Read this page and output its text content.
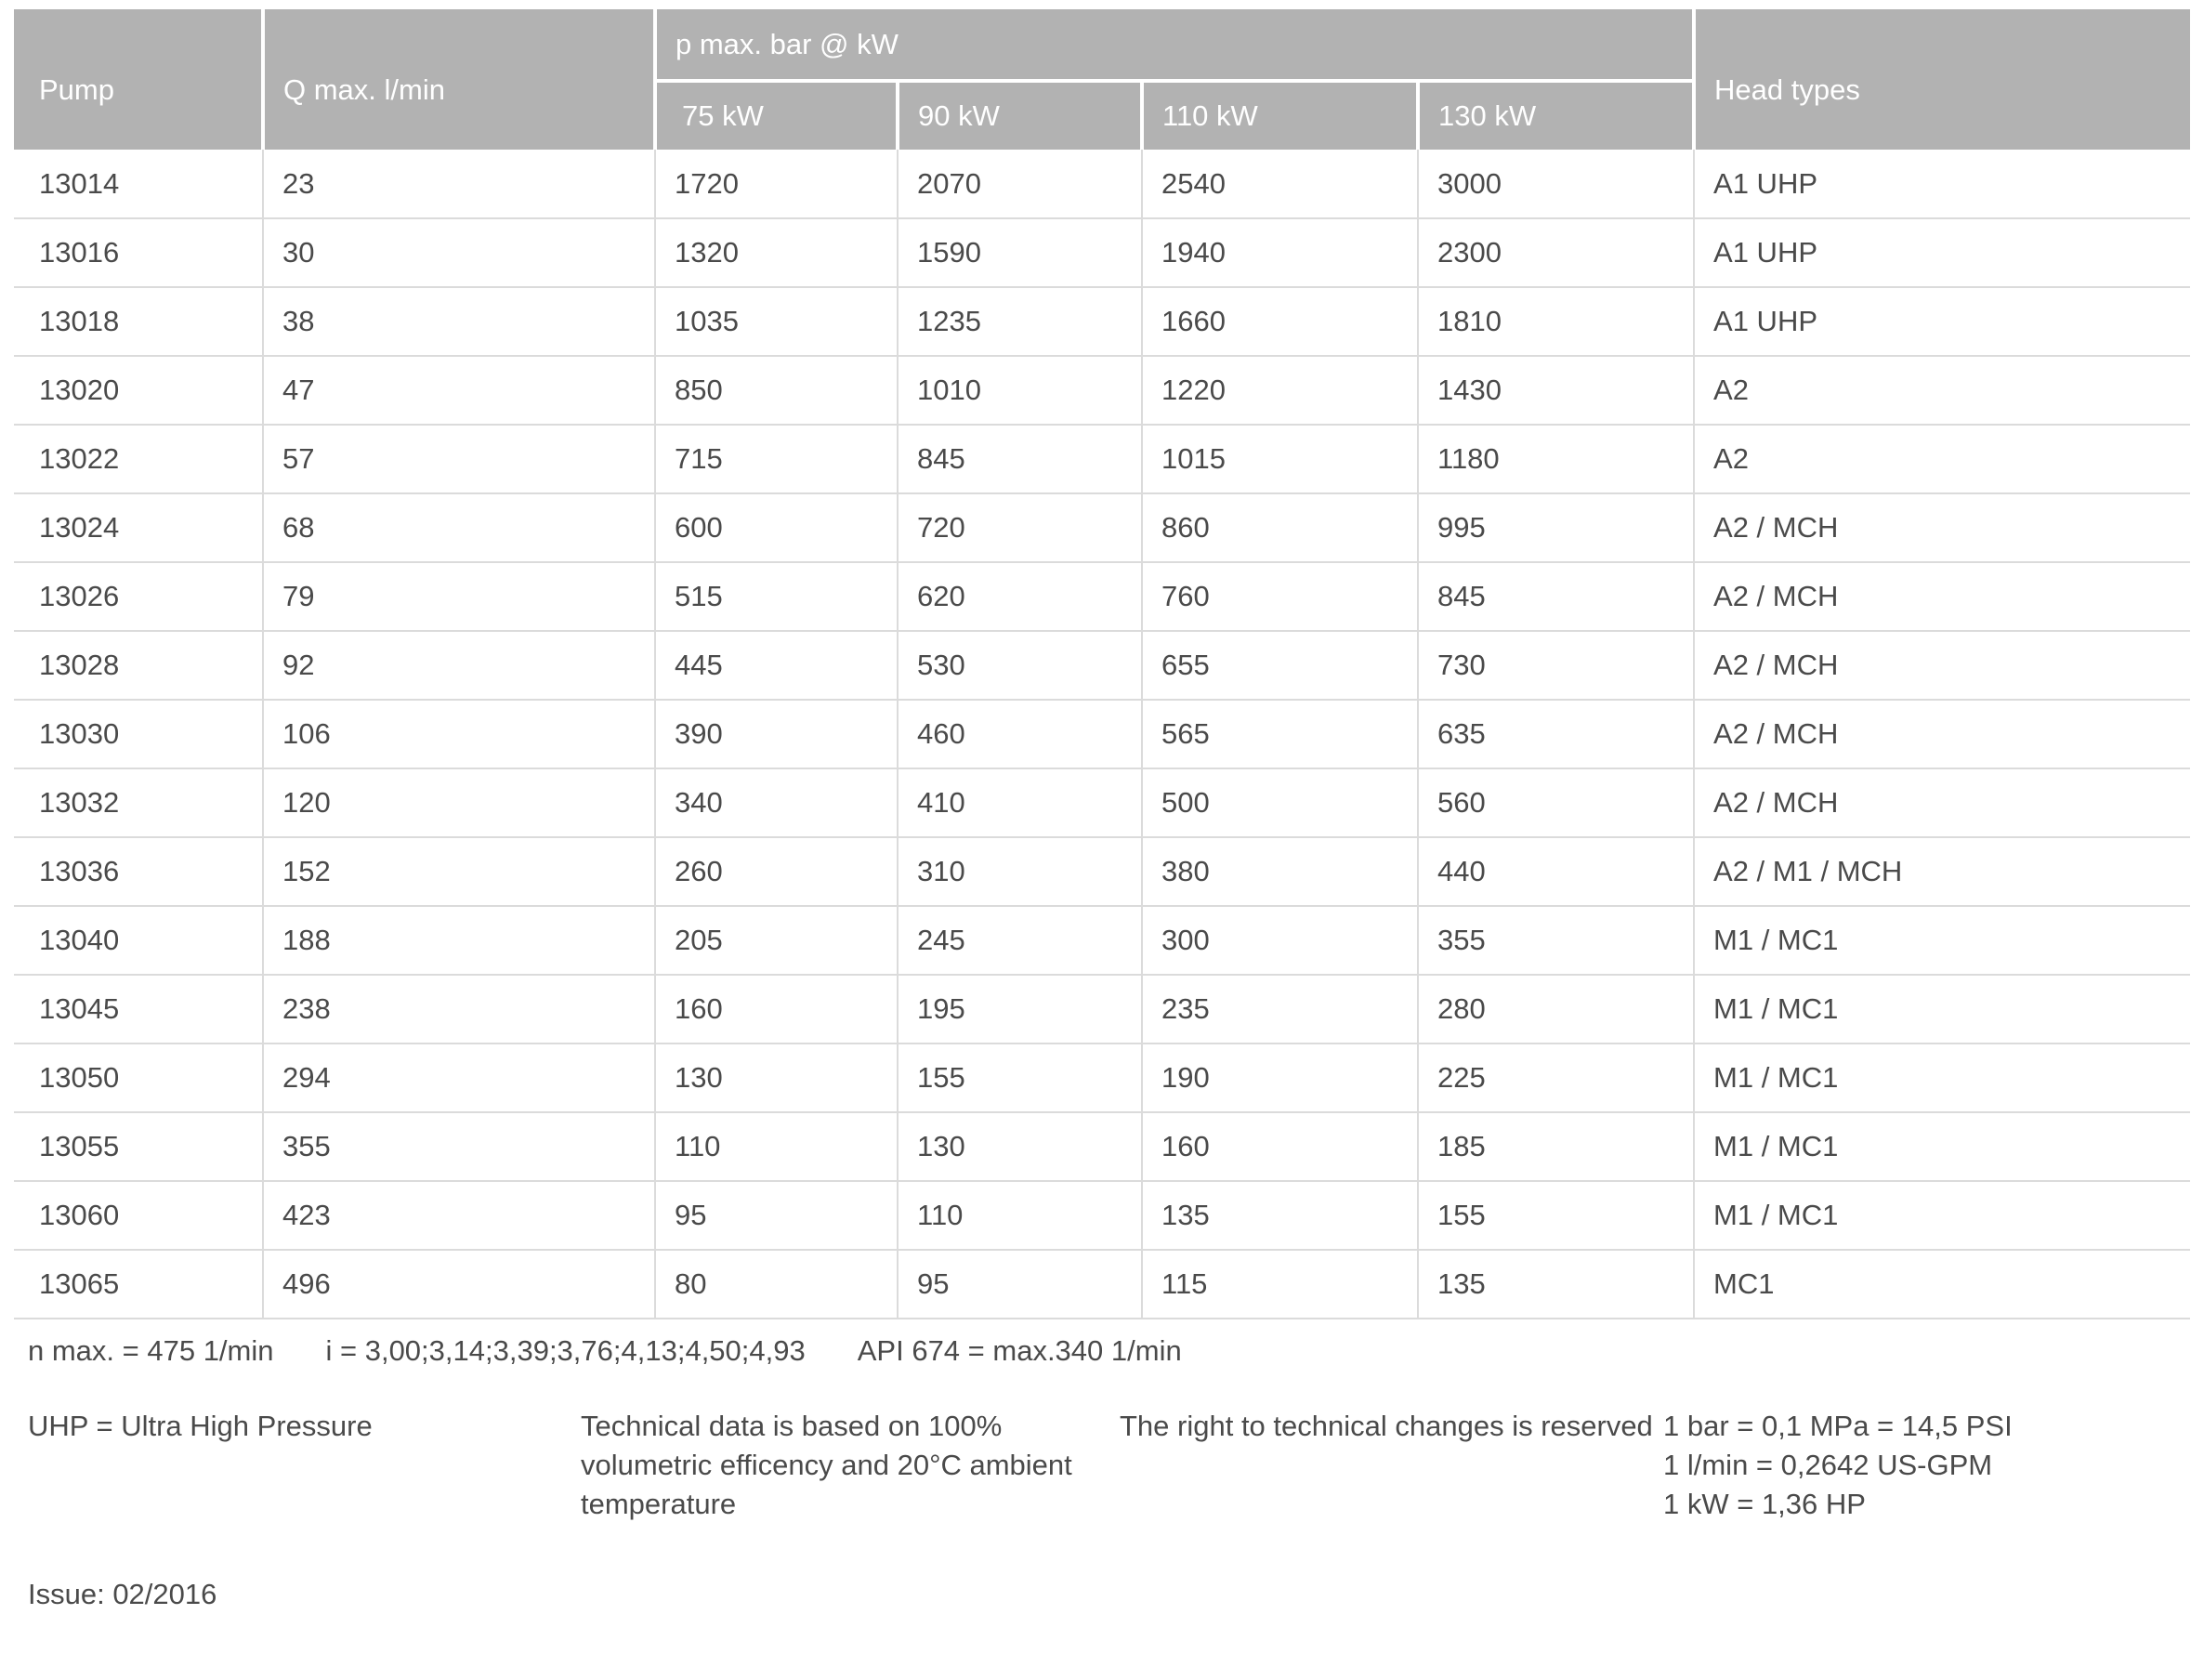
Pump	Q max. l/min	p max. bar @ kW				Head types
		75 kW	90 kW	110 kW	130 kW	
13014	23	1720	2070	2540	3000	A1 UHP
13016	30	1320	1590	1940	2300	A1 UHP
13018	38	1035	1235	1660	1810	A1 UHP
13020	47	850	1010	1220	1430	A2
13022	57	715	845	1015	1180	A2
13024	68	600	720	860	995	A2 / MCH
13026	79	515	620	760	845	A2 / MCH
13028	92	445	530	655	730	A2 / MCH
13030	106	390	460	565	635	A2 / MCH
13032	120	340	410	500	560	A2 / MCH
13036	152	260	310	380	440	A2 / M1 / MCH
13040	188	205	245	300	355	M1 / MC1
13045	238	160	195	235	280	M1 / MC1
13050	294	130	155	190	225	M1 / MC1
13055	355	110	130	160	185	M1 / MC1
13060	423	95	110	135	155	M1 / MC1
13065	496	80	95	115	135	MC1
n max. = 475 1/min i = 3,00;3,14;3,39;3,76;4,13;4,50;4,93 API 674 = max.340 1/min
UHP = Ultra High Pressure	Technical data is based on 100% volumetric efficency and 20°C ambient temperature
The right to technical changes is reserved 1 bar = 0,1 MPa = 14,5 PSI
1 l/min = 0,2642 US-GPM
1 kW = 1,36 HP
Issue: 02/2016
